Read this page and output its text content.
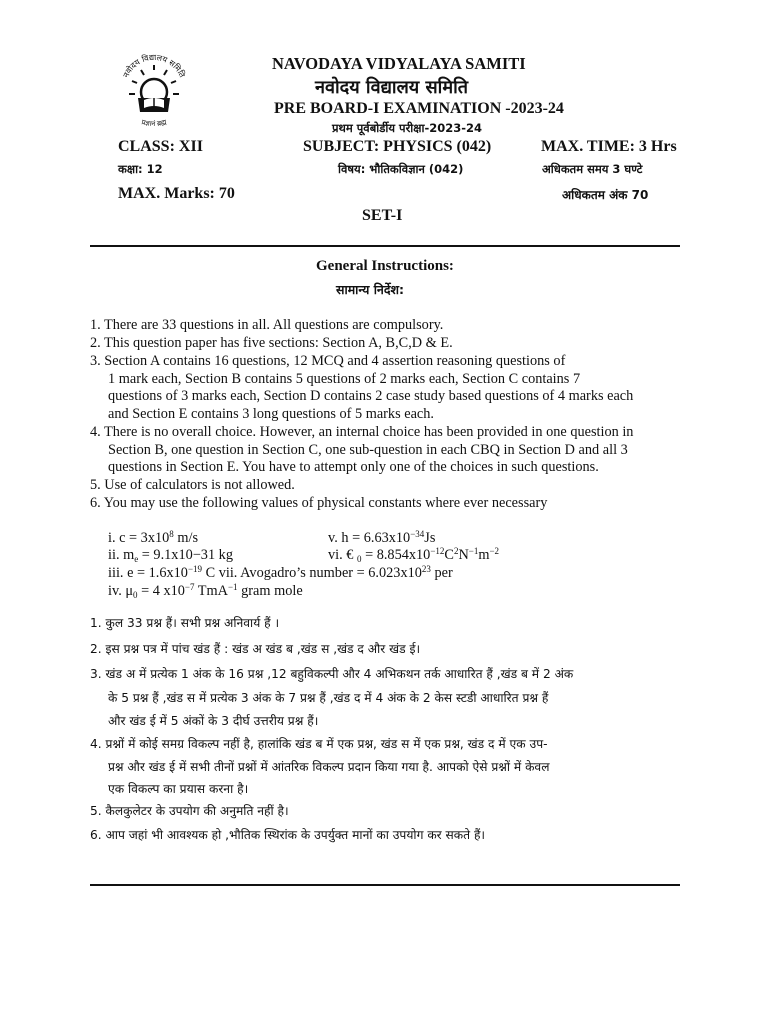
नवोदय विद्यालय समिति
प्रज्ञानं ब्रह्म
NAVODAYA VIDYALAYA SAMITI
नवोदय विद्यालय समिति
PRE BOARD-I EXAMINATION -2023-24
प्रथम पूर्वबोर्डीय परीक्षा-2023-24
CLASS: XII	SUBJECT: PHYSICS (042)	MAX. TIME: 3 Hrs
कक्षा: 12	विषय: भौतिकविज्ञान (042)	अधिकतम समय 3 घण्टे
MAX. Marks: 70	अधिकतम अंक 70
SET-I
General Instructions:
सामान्य निर्देश:
1. There are 33 questions in all. All questions are compulsory.
2. This question paper has five sections: Section A, B,C,D & E.
3. Section A contains 16 questions, 12 MCQ and 4 assertion reasoning questions of
1 mark each, Section B contains 5 questions of 2 marks each, Section C contains 7
questions of 3 marks each, Section D contains 2 case study based questions of 4 marks each
and Section E contains 3 long questions of 5 marks each.
4. There is no overall choice. However, an internal choice has been provided in one question in
Section B, one question in Section C, one sub-question in each CBQ in Section D and all 3
questions in Section E. You have to attempt only one of the choices in such questions.
5. Use of calculators is not allowed.
6. You may use the following values of physical constants where ever necessary
i. $c = 3x10^8$ m/s	v. $h = 6.63x10^{-34}Js$
ii. $m_e = 9.1x10-31$ kg	vi. € $_0 = 8.854x10^{-12}C^2N^{-1}m^{-2}$
iii. $e = 1.6x10^{-19}$ C vii. Avogadro’s number = $6.023x10^{23}$ per
iv. $\mu_0 = 4$ $x10^{-7}$ TmA$^{-1}$ gram mole
1. कुल 33 प्रश्न हैं। सभी प्रश्न अनिवार्य हैं ।
2. इस प्रश्न पत्र में पांच खंड हैं : खंड अ खंड ब ,खंड स ,खंड द और खंड ई।
3. खंड अ में प्रत्येक 1 अंक के 16 प्रश्न ,12 बहुविकल्पी और 4 अभिकथन तर्क आधारित हैं ,खंड ब में 2 अंक
के 5 प्रश्न हैं ,खंड स में प्रत्येक 3 अंक के 7 प्रश्न हैं ,खंड द में 4 अंक के 2 केस स्टडी आधारित प्रश्न हैं
और खंड ई में 5 अंकों के 3 दीर्घ उत्तरीय प्रश्न हैं।
4. प्रश्नों में कोई समग्र विकल्प नहीं है, हालांकि खंड ब में एक प्रश्न, खंड स में एक प्रश्न, खंड द में एक उप-
प्रश्न और खंड ई में सभी तीनों प्रश्नों में आंतरिक विकल्प प्रदान किया गया है. आपको ऐसे प्रश्नों में केवल
एक विकल्प का प्रयास करना है।
5. कैलकुलेटर के उपयोग की अनुमति नहीं है।
6. आप जहां भी आवश्यक हो ,भौतिक स्थिरांक के उपर्युक्त मानों का उपयोग कर सकते हैं।
